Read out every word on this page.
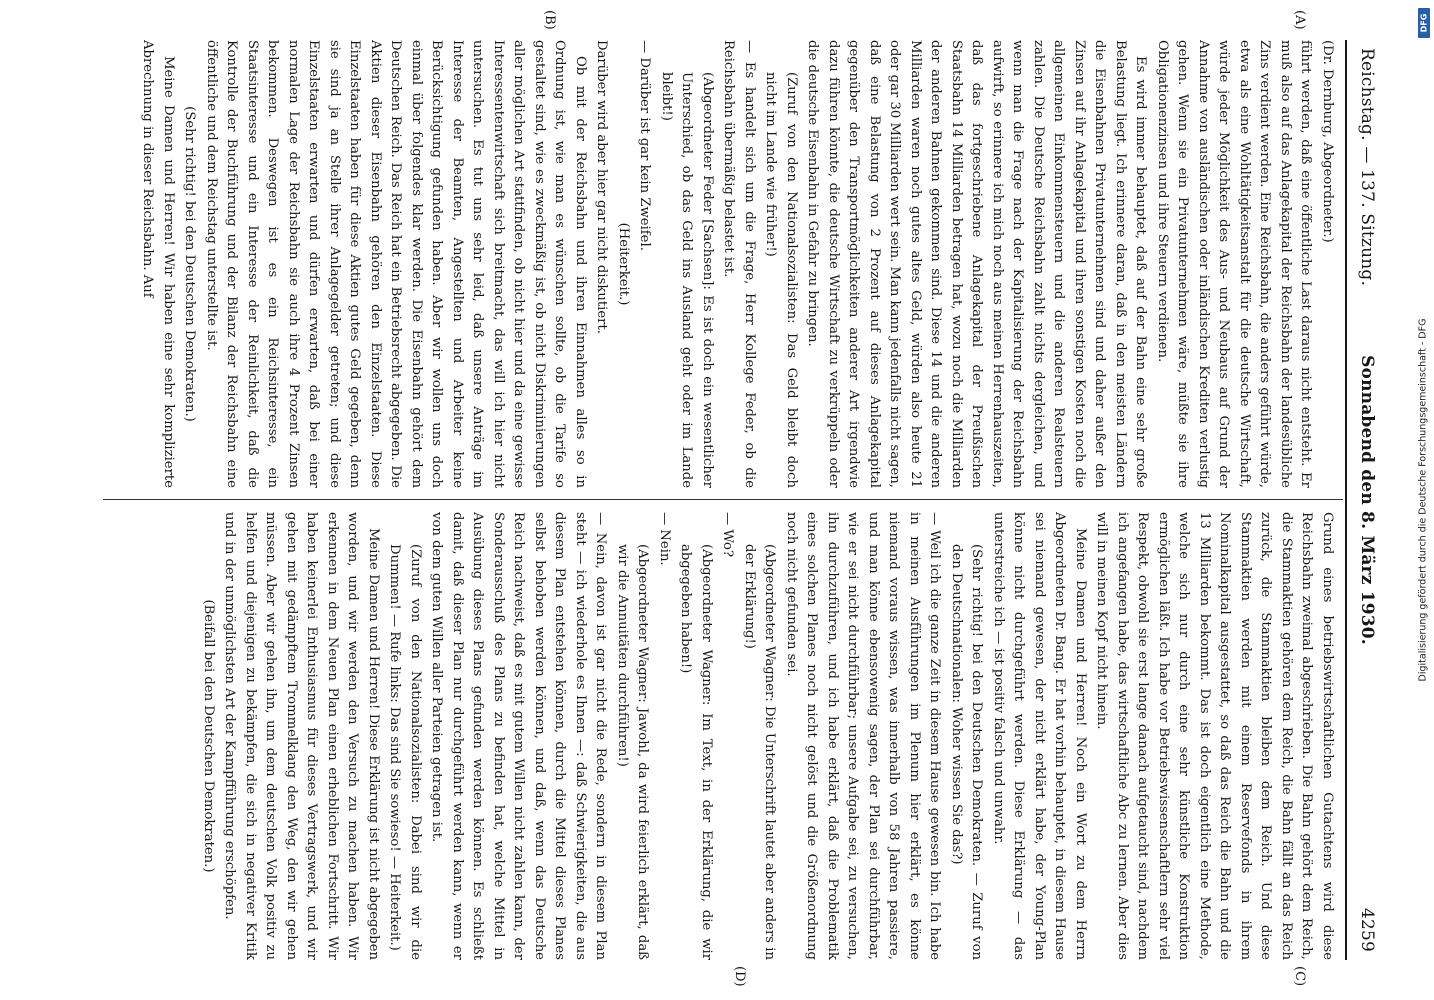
Reichstag. — 137. Sitzung.
Sonnabend den 8. März 1930.
4259
(A)
(B)
(C)
(D)

(Dr. Dernburg, Abgeordneter.)

führt werden, daß eine öffentliche Last daraus nicht entsteht. Er muß also auf das Anlagekapital der Reichsbahn der landesübliche Zins verdient werden. Eine Reichsbahn, die anders geführt würde, etwa als eine Wohltätigkeitsanstalt für die deutsche Wirtschaft, würde jeder Möglichkeit des Aus- und Neubaus auf Grund der Annahme von ausländischen oder inländischen Krediten verlustig gehen. Wenn sie ein Privatunternehmen wäre, müßte sie ihre Obligationenzinsen und ihre Steuern verdienen.

Es wird immer behauptet, daß auf der Bahn eine sehr große Belastung liegt. Ich erinnere daran, daß in den meisten Ländern die Eisenbahnen Privatunternehmen sind und daher außer den Zinsen auf ihr Anlagekapital und ihren sonstigen Kosten noch die allgemeinen Einkommensteuern und die anderen Realsteuern zahlen. Die Deutsche Reichsbahn zahlt nichts dergleichen, und wenn man die Frage nach der Kapitalisierung der Reichsbahn aufwirft, so erinnere ich mich noch aus meinen Herrenhauszeiten, daß das fortgeschriebene Anlagekapital der Preußischen Staatsbahn 14 Milliarden betragen hat, wozu noch die Milliarden der anderen Bahnen gekommen sind. Diese 14 und die anderen Milliarden waren noch gutes altes Geld, würden also heute 21 oder gar 30 Milliarden wert sein. Man kann jedenfalls nicht sagen, daß eine Belastung von 2 Prozent auf dieses Anlagekapital gegenüber den Transportmöglichkeiten anderer Art irgendwie dazu führen könnte, die deutsche Wirtschaft zu verkrüppeln oder die deutsche Eisenbahn in Gefahr zu bringen.

(Zuruf von den Nationalsozialisten: Das Geld bleibt doch nicht im Lande wie früher!)

— Es handelt sich um die Frage, Herr Kollege Feder, ob die Reichsbahn übermäßig belastet ist.

(Abgeordneter Feder [Sachsen]: Es ist doch ein wesentlicher Unterschied, ob das Geld ins Ausland geht oder im Lande bleibt!)

— Darüber ist gar kein Zweifel.

(Heiterkeit.)

Darüber wird aber hier gar nicht diskutiert.

Ob mit der Reichsbahn und ihren Einnahmen alles so in Ordnung ist, wie man es wünschen sollte, ob die Tarife so gestaltet sind, wie es zweckmäßig ist, ob nicht Diskriminierungen aller möglichen Art stattfinden, ob nicht hier und da eine gewisse Interessentenwirtschaft sich breitmacht, das will ich hier nicht untersuchen. Es tut uns sehr leid, daß unsere Anträge im Interesse der Beamten, Angestellten und Arbeiter keine Berücksichtigung gefunden haben. Aber wir wollen uns doch einmal über folgendes klar werden. Die Eisenbahn gehört dem Deutschen Reich. Das Reich hat ein Betriebsrecht abgegeben. Die Aktien dieser Eisenbahn gehören den Einzelstaaten. Diese Einzelstaaten haben für diese Aktien gutes Geld gegeben, denn sie sind ja an Stelle ihrer Anlagegelder getreten; und diese Einzelstaaten erwarten und dürfen erwarten, daß bei einer normalen Lage der Reichsbahn sie auch ihre 4 Prozent Zinsen bekommen. Deswegen ist es ein Reichsinteresse, ein Staatsinteresse und ein Interesse der Reinlichkeit, daß die Kontrolle der Buchführung und der Bilanz der Reichsbahn eine öffentliche und dem Reichstag unterstellte ist.

(Sehr richtig! bei den Deutschen Demokraten.)

Meine Damen und Herren! Wir haben eine sehr komplizierte Abrechnung in dieser Reichsbahn. Auf

Grund eines betriebswirtschaftlichen Gutachtens wird diese Reichsbahn zweimal abgeschrieben. Die Bahn gehört dem Reich, die Stammaktien gehören dem Reich, die Bahn fällt an das Reich zurück, die Stammaktien bleiben dem Reich. Und diese Stammaktien werden mit einem Reservefonds in ihrem Nominalkapital ausgestattet, so daß das Reich die Bahn und die 13 Milliarden bekommt. Das ist doch eigentlich eine Methode, welche sich nur durch eine sehr künstliche Konstruktion ermöglichen läßt. Ich habe vor Betriebswissenschaftlern sehr viel Respekt, obwohl sie erst lange danach aufgetaucht sind, nachdem ich angefangen habe, das wirtschaftliche Abc zu lernen. Aber dies will in meinen Kopf nicht hinein.

Meine Damen und Herren! Noch ein Wort zu dem Herrn Abgeordneten Dr. Bang. Er hat vorhin behauptet, in diesem Hause sei niemand gewesen, der nicht erklärt habe, der Young-Plan könne nicht durchgeführt werden. Diese Erklärung — das unterstreiche ich — ist positiv falsch und unwahr.

(Sehr richtig! bei den Deutschen Demokraten. — Zuruf von den Deutschnationalen: Woher wissen Sie das?)

— Weil ich die ganze Zeit in diesem Hause gewesen bin. Ich habe in meinen Ausführungen im Plenum hier erklärt, es könne niemand voraus wissen, was innerhalb von 58 Jahren passiere, und man könne ebensowenig sagen, der Plan sei durchführbar, wie er sei nicht durchführbar; unsere Aufgabe sei, zu versuchen, ihn durchzuführen, und ich habe erklärt, daß die Problematik eines solchen Planes noch nicht gelöst und die Größenordnung noch nicht gefunden sei.

(Abgeordneter Wagner: Die Unterschrift lautet aber anders in der Erklärung!)

— Wo?

(Abgeordneter Wagner: Im Text, in der Erklärung, die wir abgegeben haben!)

— Nein.

(Abgeordneter Wagner: Jawohl, da wird feierlich erklärt, daß wir die Annuitäten durchführen!)

— Nein, davon ist gar nicht die Rede, sondern in diesem Plan steht — ich wiederhole es Ihnen —: daß Schwierigkeiten, die aus diesem Plan entstehen können, durch die Mittel dieses Planes selbst behoben werden können, und daß, wenn das Deutsche Reich nachweist, daß es mit gutem Willen nicht zahlen kann, der Sonderausschuß des Plans zu befinden hat, welche Mittel in Ausübung dieses Plans gefunden werden können. Es schließt damit, daß dieser Plan nur durchgeführt werden kann, wenn er von dem guten Willen aller Parteien getragen ist.

(Zuruf von den Nationalsozialisten: Dabei sind wir die Dummen! — Rufe links: Das sind Sie sowieso! — Heiterkeit.)

Meine Damen und Herren! Diese Erklärung ist nicht abgegeben worden, und wir werden den Versuch zu machen haben. Wir erkennen in dem Neuen Plan einen erheblichen Fortschritt. Wir haben keinerlei Enthusiasmus für dieses Vertragswerk, und wir gehen mit gedämpftem Trommelklang den Weg, den wir gehen müssen. Aber wir gehen ihn, um dem deutschen Volk positiv zu helfen und diejenigen zu bekämpfen, die sich in negativer Kritik und in der unmöglichsten Art der Kampfführung erschöpfen.

(Beifall bei den Deutschen Demokraten.)

Digitalisierung gefördert durch die Deutsche Forschungsgemeinschaft - DFG
DFG
